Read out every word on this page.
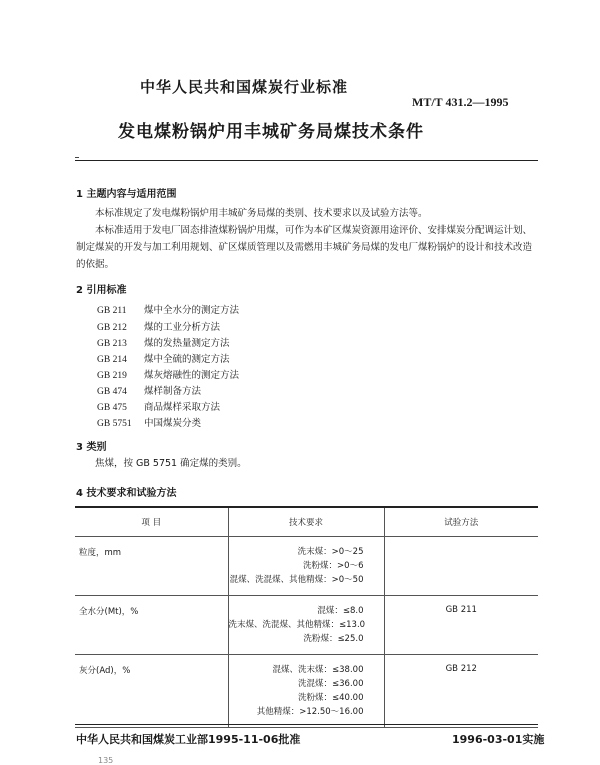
中华人民共和国煤炭行业标准
MT/T 431.2—1995
发电煤粉锅炉用丰城矿务局煤技术条件
1 主题内容与适用范围
本标准规定了发电煤粉锅炉用丰城矿务局煤的类别、技术要求以及试验方法等。
本标准适用于发电厂固态排渣煤粉锅炉用煤，可作为本矿区煤炭资源用途评价、安排煤炭分配调运计划、制定煤炭的开发与加工利用规划、矿区煤质管理以及需燃用丰城矿务局煤的发电厂煤粉锅炉的设计和技术改造的依据。
2 引用标准
GB 211 煤中全水分的测定方法
GB 212 煤的工业分析方法
GB 213 煤的发热量测定方法
GB 214 煤中全硫的测定方法
GB 219 煤灰熔融性的测定方法
GB 474 煤样制备方法
GB 475 商品煤样采取方法
GB 5751 中国煤炭分类
3 类别
焦煤，按 GB 5751 确定煤的类别。
4 技术要求和试验方法
项 目	技术要求	试验方法
粒度，mm	洗末煤：>0～25
洗粉煤：>0～6
混煤、洗混煤、其他精煤：>0～50	

全水分(Mt)，%	混煤：≤8.0
洗末煤、洗混煤、其他精煤：≤13.0
洗粉煤：≤25.0	GB 211
灰分(Ad)，%	混煤、洗末煤：≤38.00
洗混煤：≤36.00
洗粉煤：≤40.00
其他精煤：>12.50～16.00	GB 212
中华人民共和国煤炭工业部1995-11-06批准	1996-03-01实施
135
